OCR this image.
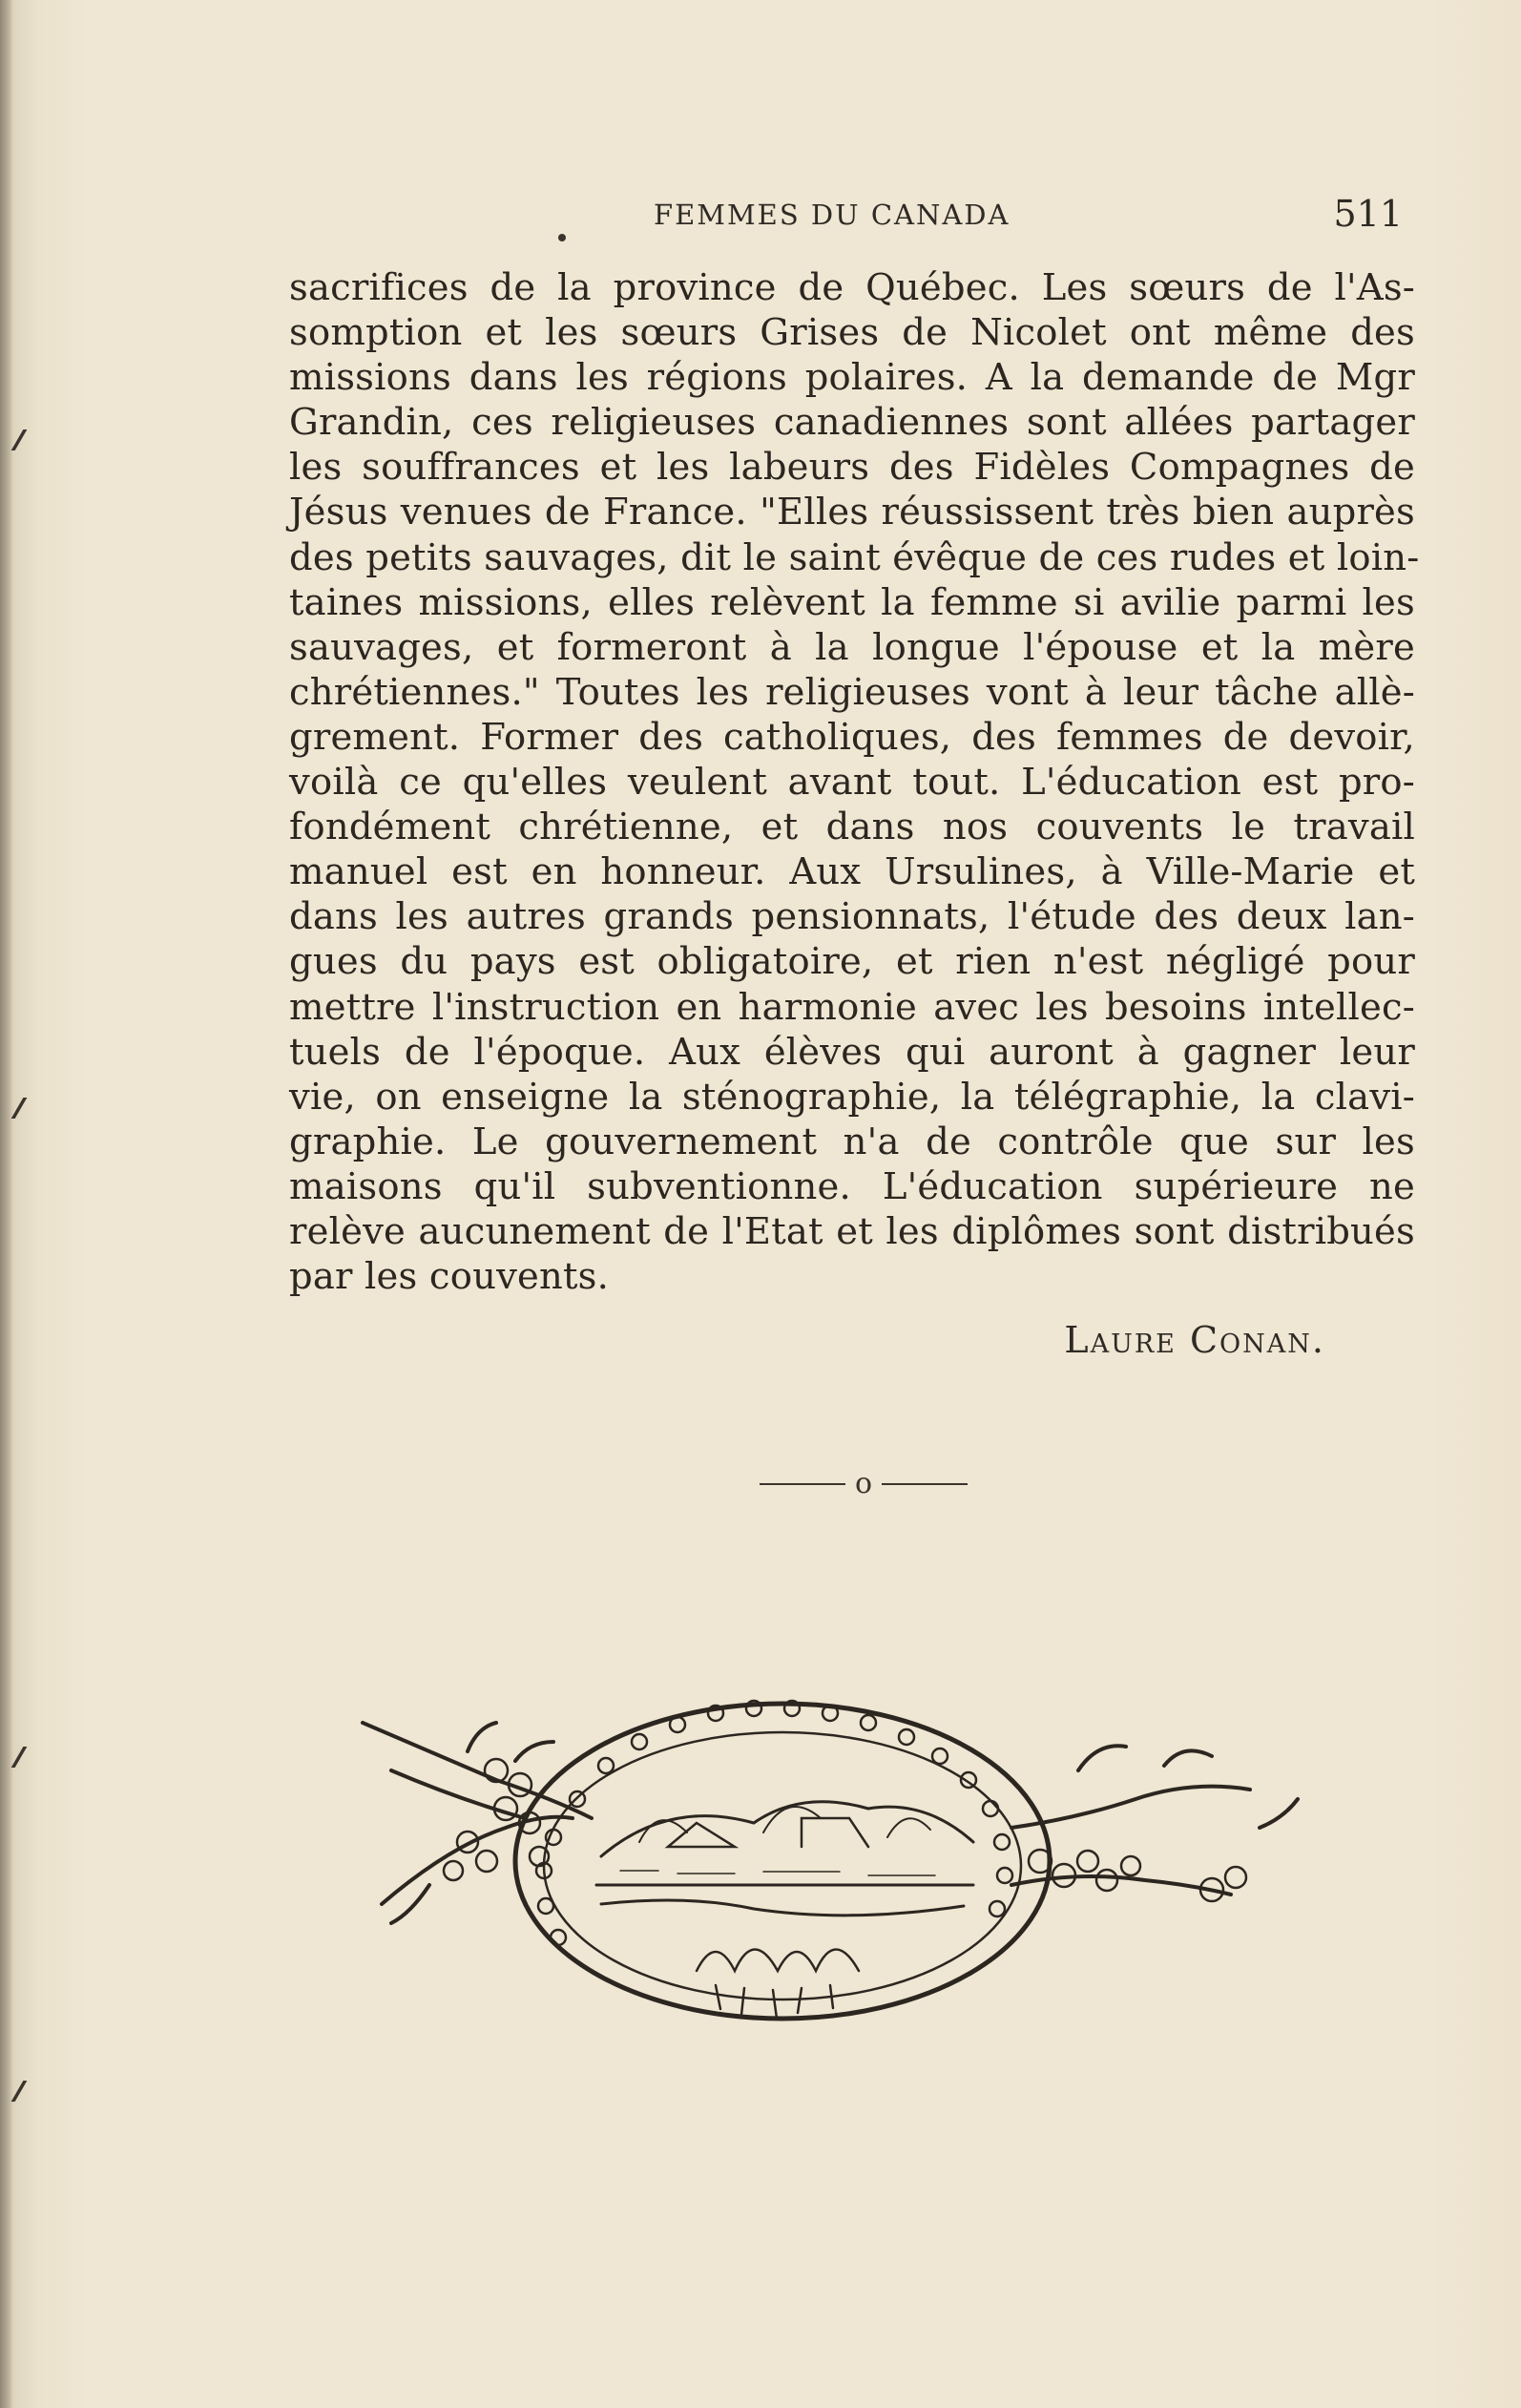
FEMMES DU CANADA	511
sacrifices de la province de Québec. Les sœurs de l'As-
somption et les sœurs Grises de Nicolet ont même des
missions dans les régions polaires. A la demande de Mgr
Grandin, ces religieuses canadiennes sont allées partager
les souffrances et les labeurs des Fidèles Compagnes de
Jésus venues de France. "Elles réussissent très bien auprès
des petits sauvages, dit le saint évêque de ces rudes et loin-
taines missions, elles relèvent la femme si avilie parmi les
sauvages, et formeront à la longue l'épouse et la mère
chrétiennes." Toutes les religieuses vont à leur tâche allè-
grement. Former des catholiques, des femmes de devoir,
voilà ce qu'elles veulent avant tout. L'éducation est pro-
fondément chrétienne, et dans nos couvents le travail
manuel est en honneur. Aux Ursulines, à Ville-Marie et
dans les autres grands pensionnats, l'étude des deux lan-
gues du pays est obligatoire, et rien n'est négligé pour
mettre l'instruction en harmonie avec les besoins intellec-
tuels de l'époque. Aux élèves qui auront à gagner leur
vie, on enseigne la sténographie, la télégraphie, la clavi-
graphie. Le gouvernement n'a de contrôle que sur les
maisons qu'il subventionne. L'éducation supérieure ne
relève aucunement de l'Etat et les diplômes sont distribués
par les couvents.
Laure Conan.
o
